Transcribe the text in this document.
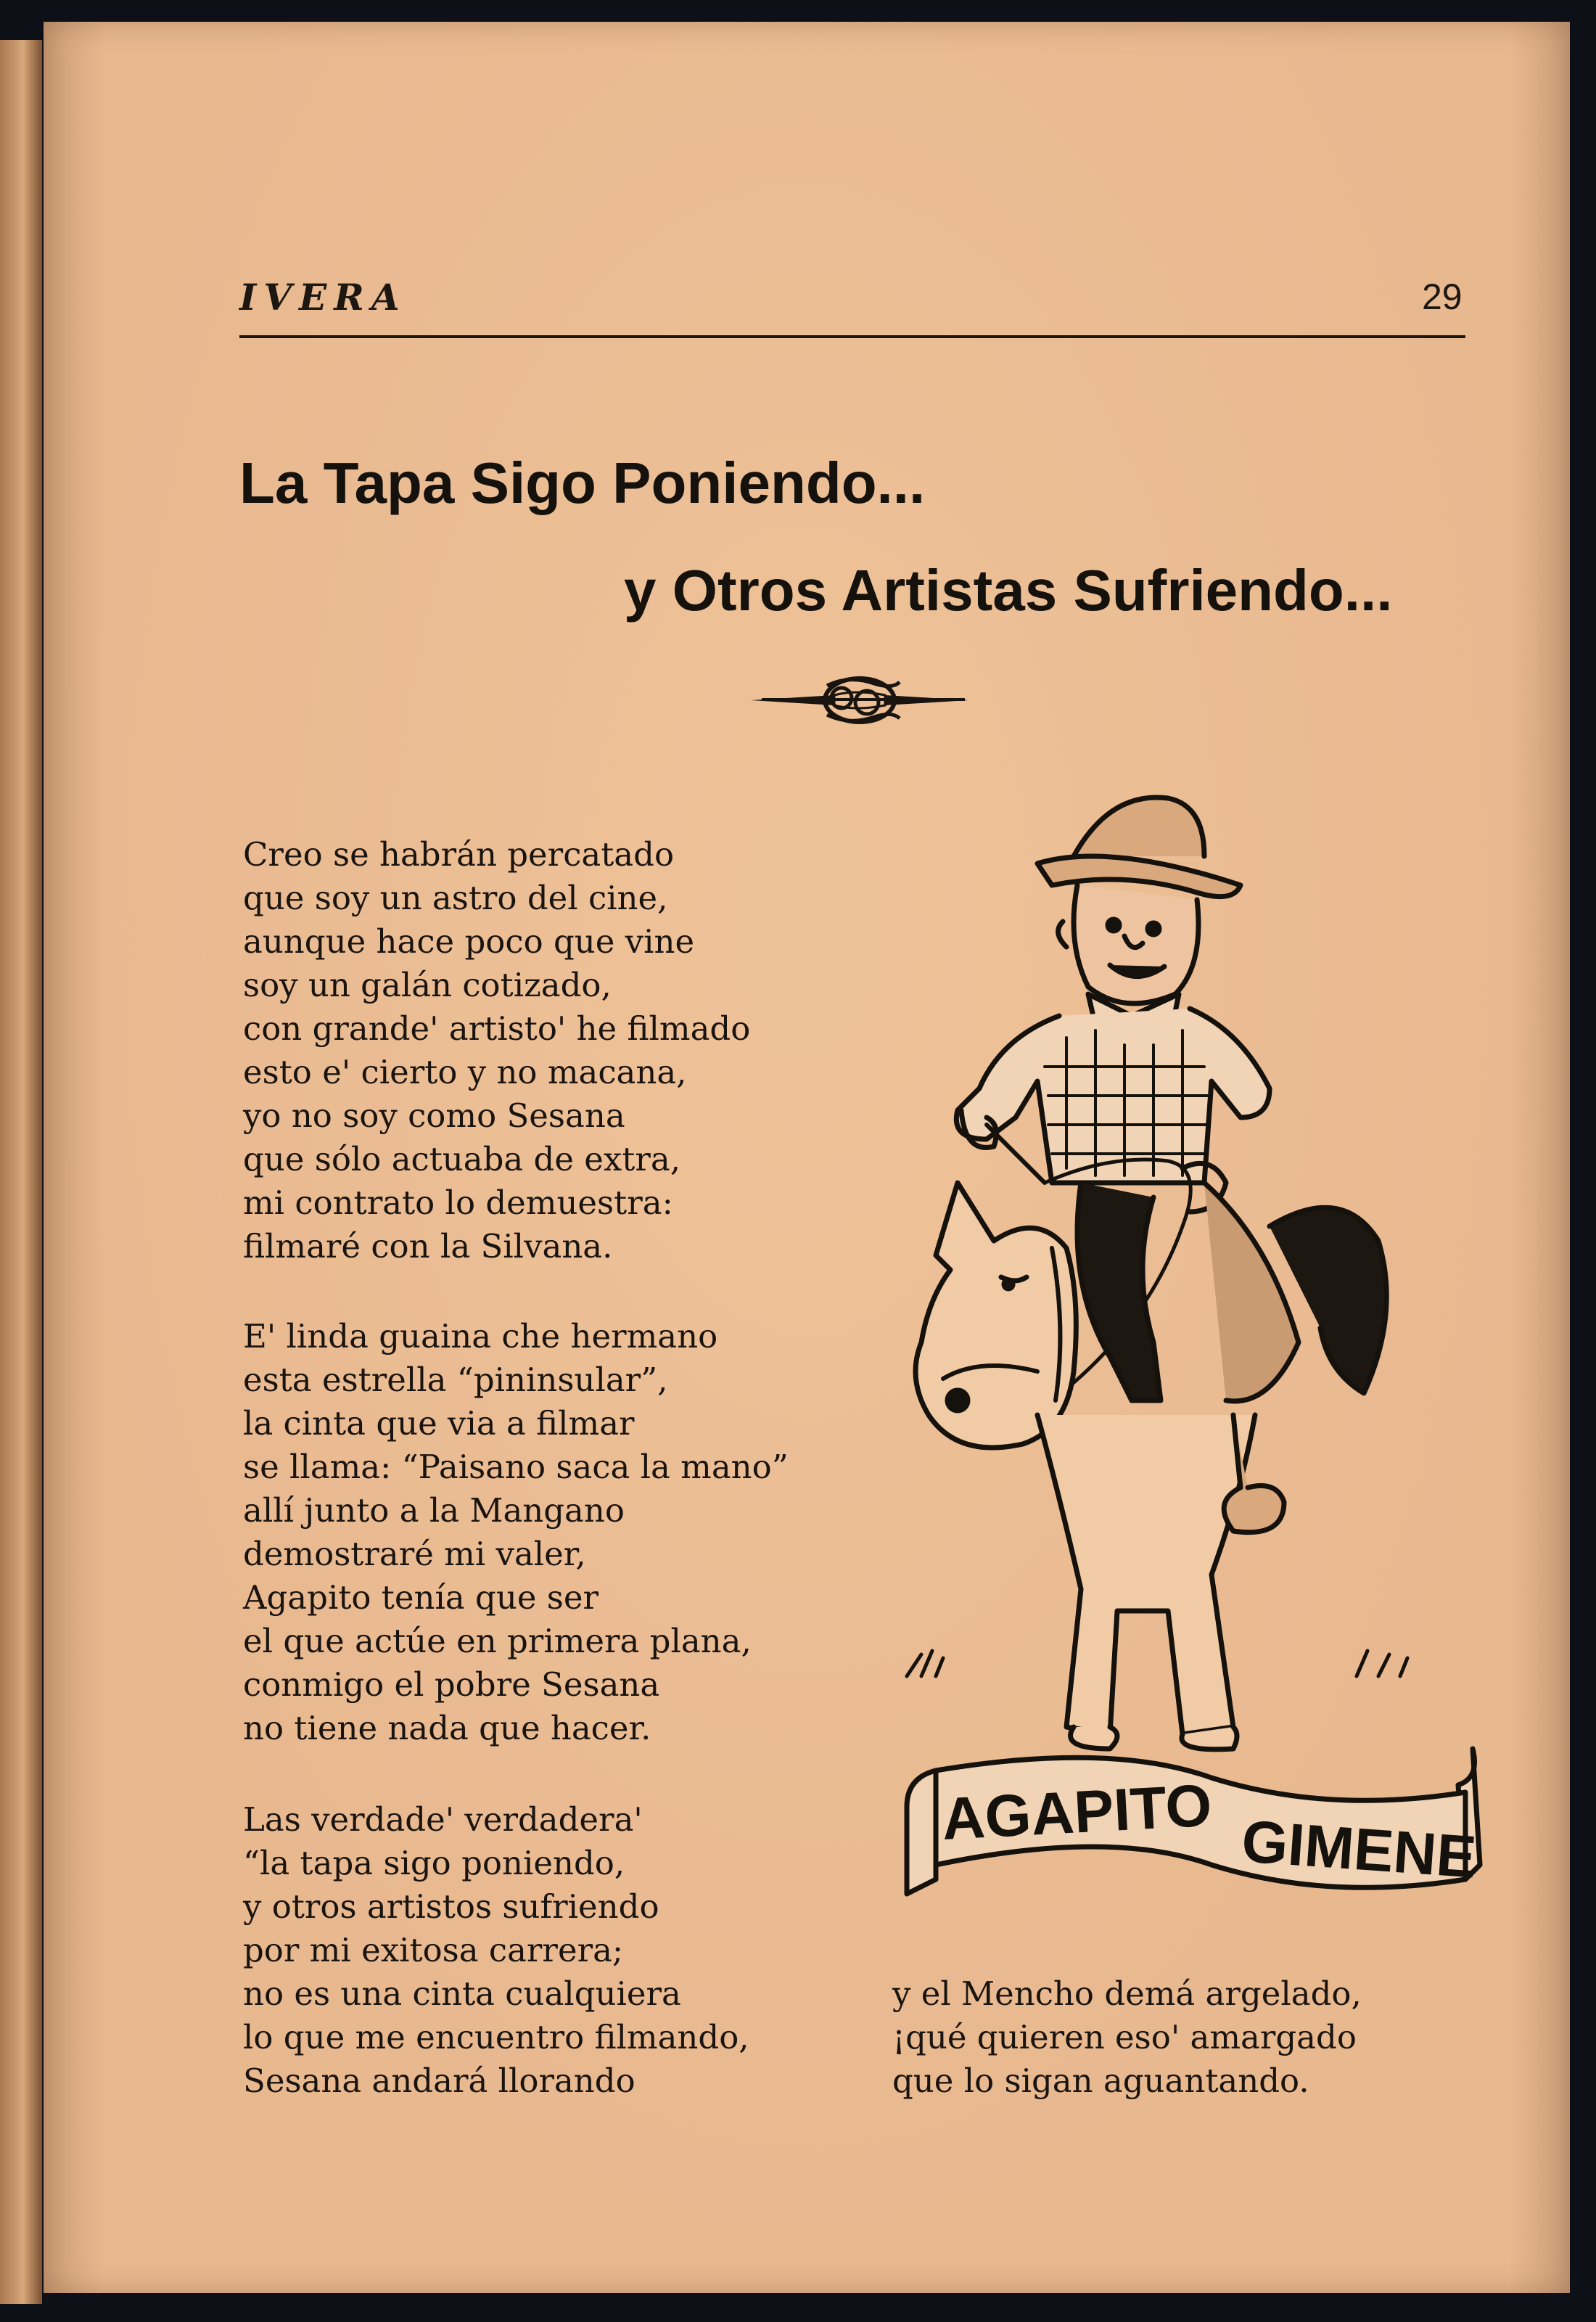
IVERA	29
La Tapa Sigo Poniendo...
y Otros Artistas Sufriendo...
Creo se habrán percatado
que soy un astro del cine,
aunque hace poco que vine
soy un galán cotizado,
con grande' artisto' he filmado
esto e' cierto y no macana,
yo no soy como Sesana
que sólo actuaba de extra,
mi contrato lo demuestra:
filmaré con la Silvana.
E' linda guaina che hermano
esta estrella “pininsular”,
la cinta que via a filmar
se llama: “Paisano saca la mano”
allí junto a la Mangano
demostraré mi valer,
Agapito tenía que ser
el que actúe en primera plana,
conmigo el pobre Sesana
no tiene nada que hacer.
Las verdade' verdadera'
“la tapa sigo poniendo,
y otros artistos sufriendo
por mi exitosa carrera;
no es una cinta cualquiera
lo que me encuentro filmando,
Sesana andará llorando
y el Mencho demá argelado,
¡qué quieren eso' amargado
que lo sigan aguantando.
AGAPITO GIMENE
